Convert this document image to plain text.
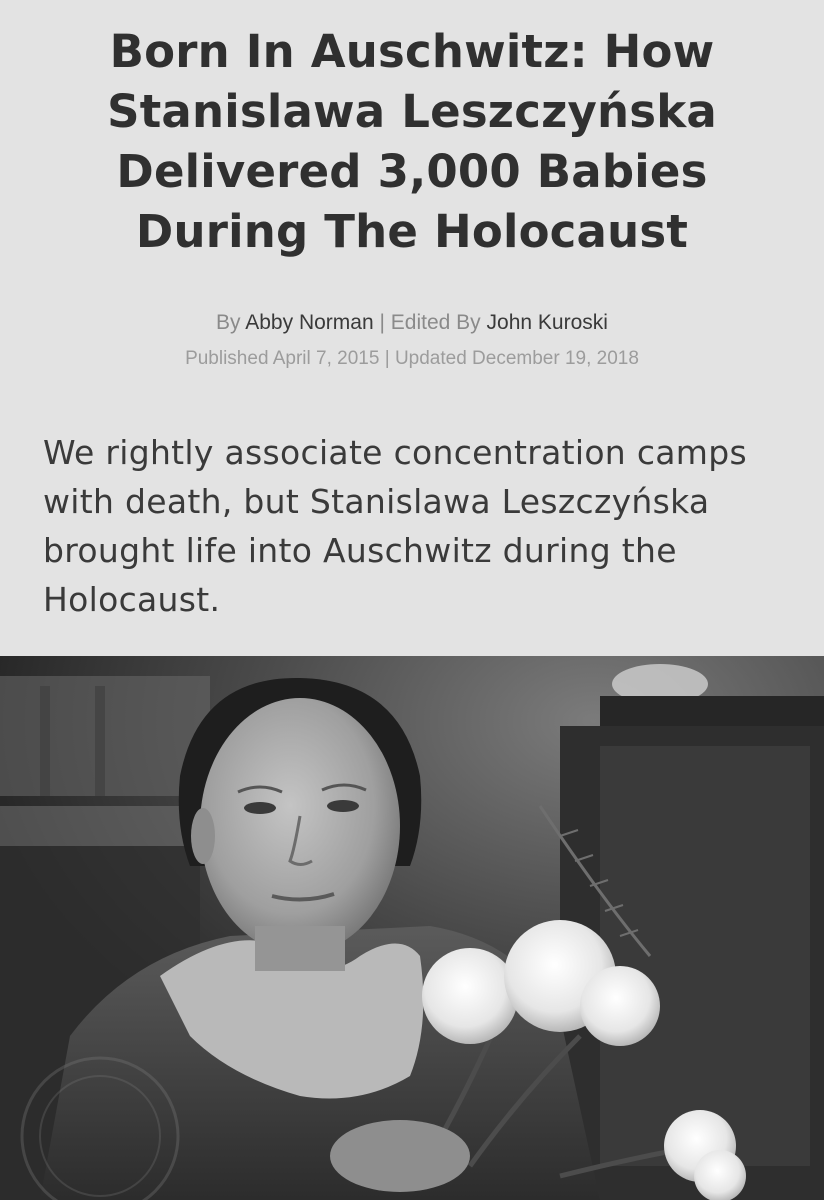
Born In Auschwitz: How Stanislawa Leszczyńska Delivered 3,000 Babies During The Holocaust
By Abby Norman | Edited By John Kuroski
Published April 7, 2015 | Updated December 19, 2018

We rightly associate concentration camps with death, but Stanislawa Leszczyńska brought life into Auschwitz during the Holocaust.
